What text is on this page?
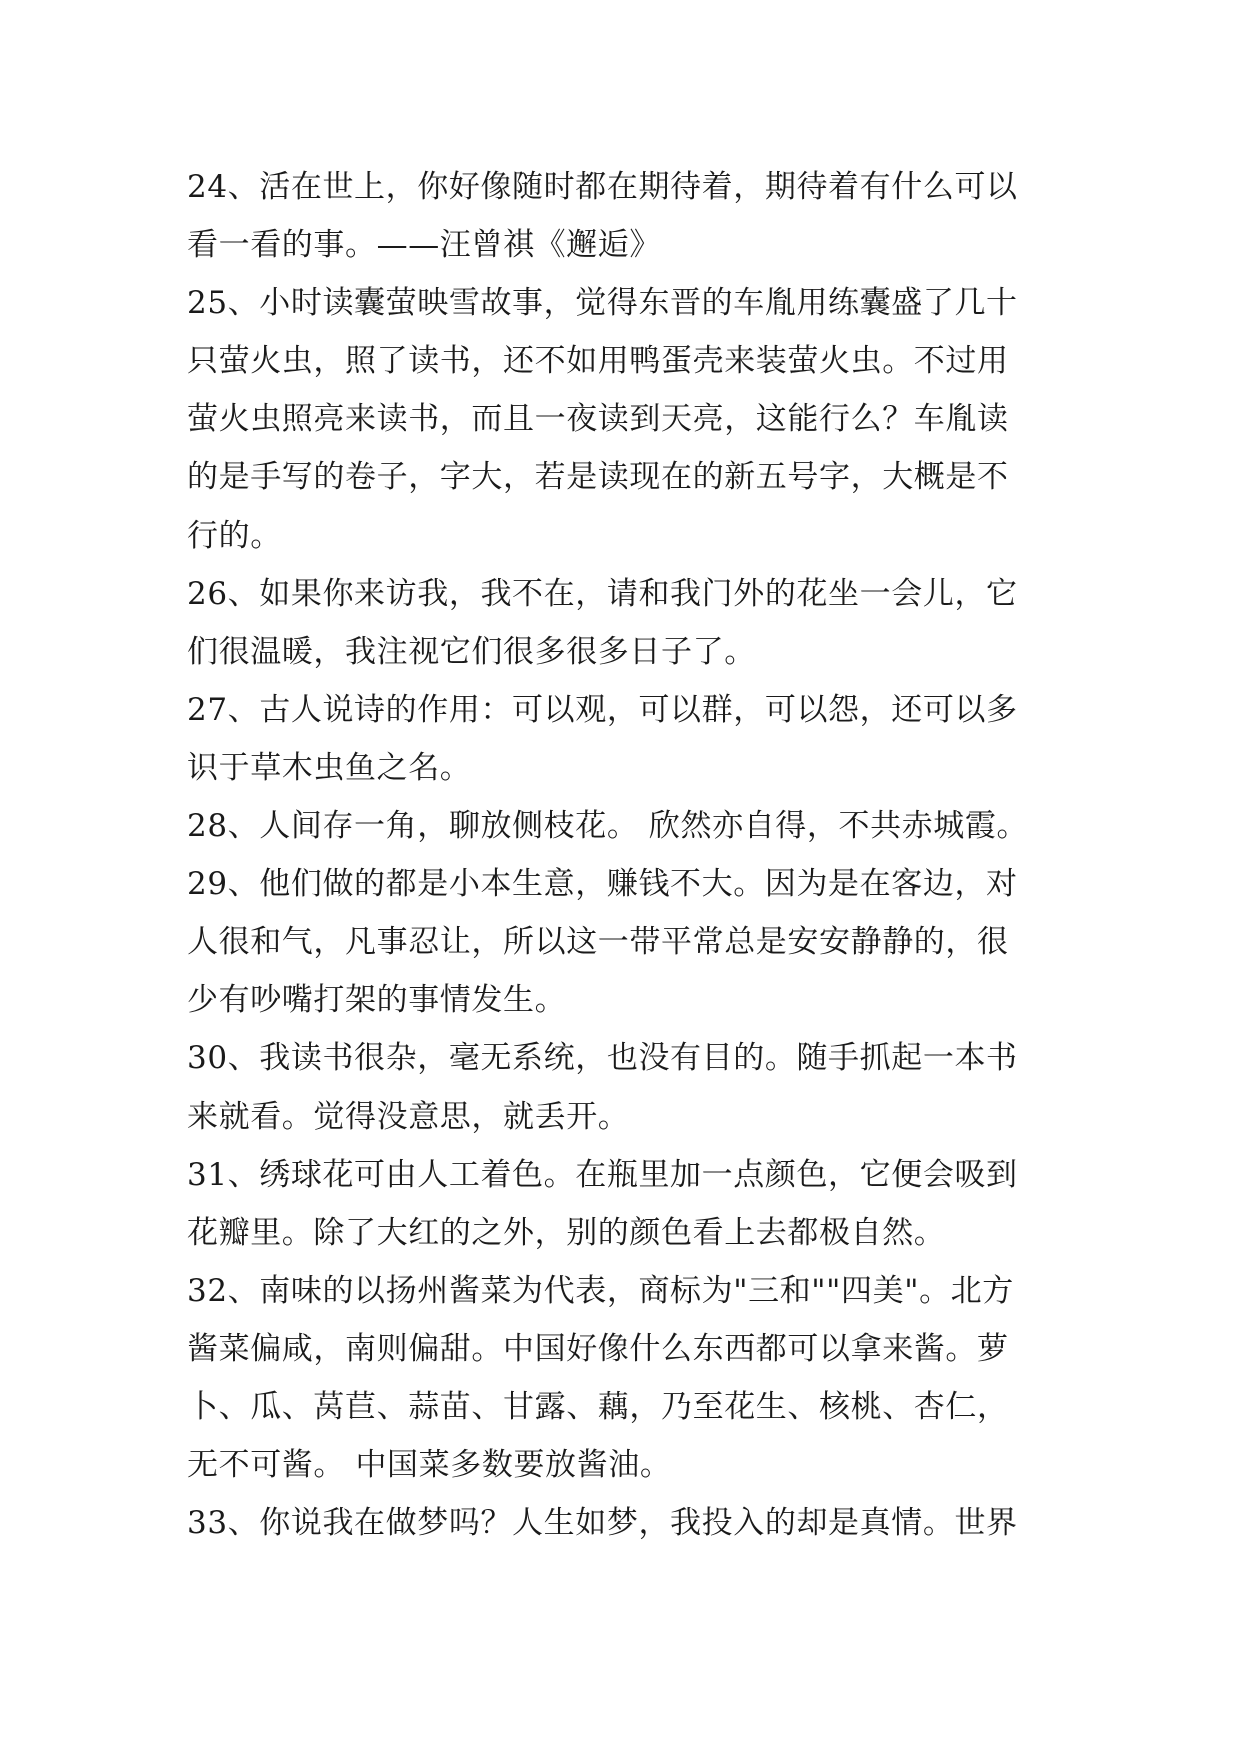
24、活在世上，你好像随时都在期待着，期待着有什么可以
看一看的事。——汪曾祺《邂逅》
25、小时读囊萤映雪故事，觉得东晋的车胤用练囊盛了几十
只萤火虫，照了读书，还不如用鸭蛋壳来装萤火虫。不过用
萤火虫照亮来读书，而且一夜读到天亮，这能行么？车胤读
的是手写的卷子，字大，若是读现在的新五号字，大概是不
行的。
26、如果你来访我，我不在，请和我门外的花坐一会儿，它
们很温暖，我注视它们很多很多日子了。
27、古人说诗的作用：可以观，可以群，可以怨，还可以多
识于草木虫鱼之名。
28、人间存一角，聊放侧枝花。 欣然亦自得，不共赤城霞。
29、他们做的都是小本生意，赚钱不大。因为是在客边，对
人很和气，凡事忍让，所以这一带平常总是安安静静的，很
少有吵嘴打架的事情发生。
30、我读书很杂，毫无系统，也没有目的。随手抓起一本书
来就看。觉得没意思，就丢开。
31、绣球花可由人工着色。在瓶里加一点颜色，它便会吸到
花瓣里。除了大红的之外，别的颜色看上去都极自然。
32、南味的以扬州酱菜为代表，商标为"三和""四美"。北方
酱菜偏咸，南则偏甜。中国好像什么东西都可以拿来酱。萝
卜、瓜、莴苣、蒜苗、甘露、藕，乃至花生、核桃、杏仁，
无不可酱。 中国菜多数要放酱油。
33、你说我在做梦吗？人生如梦，我投入的却是真情。世界
